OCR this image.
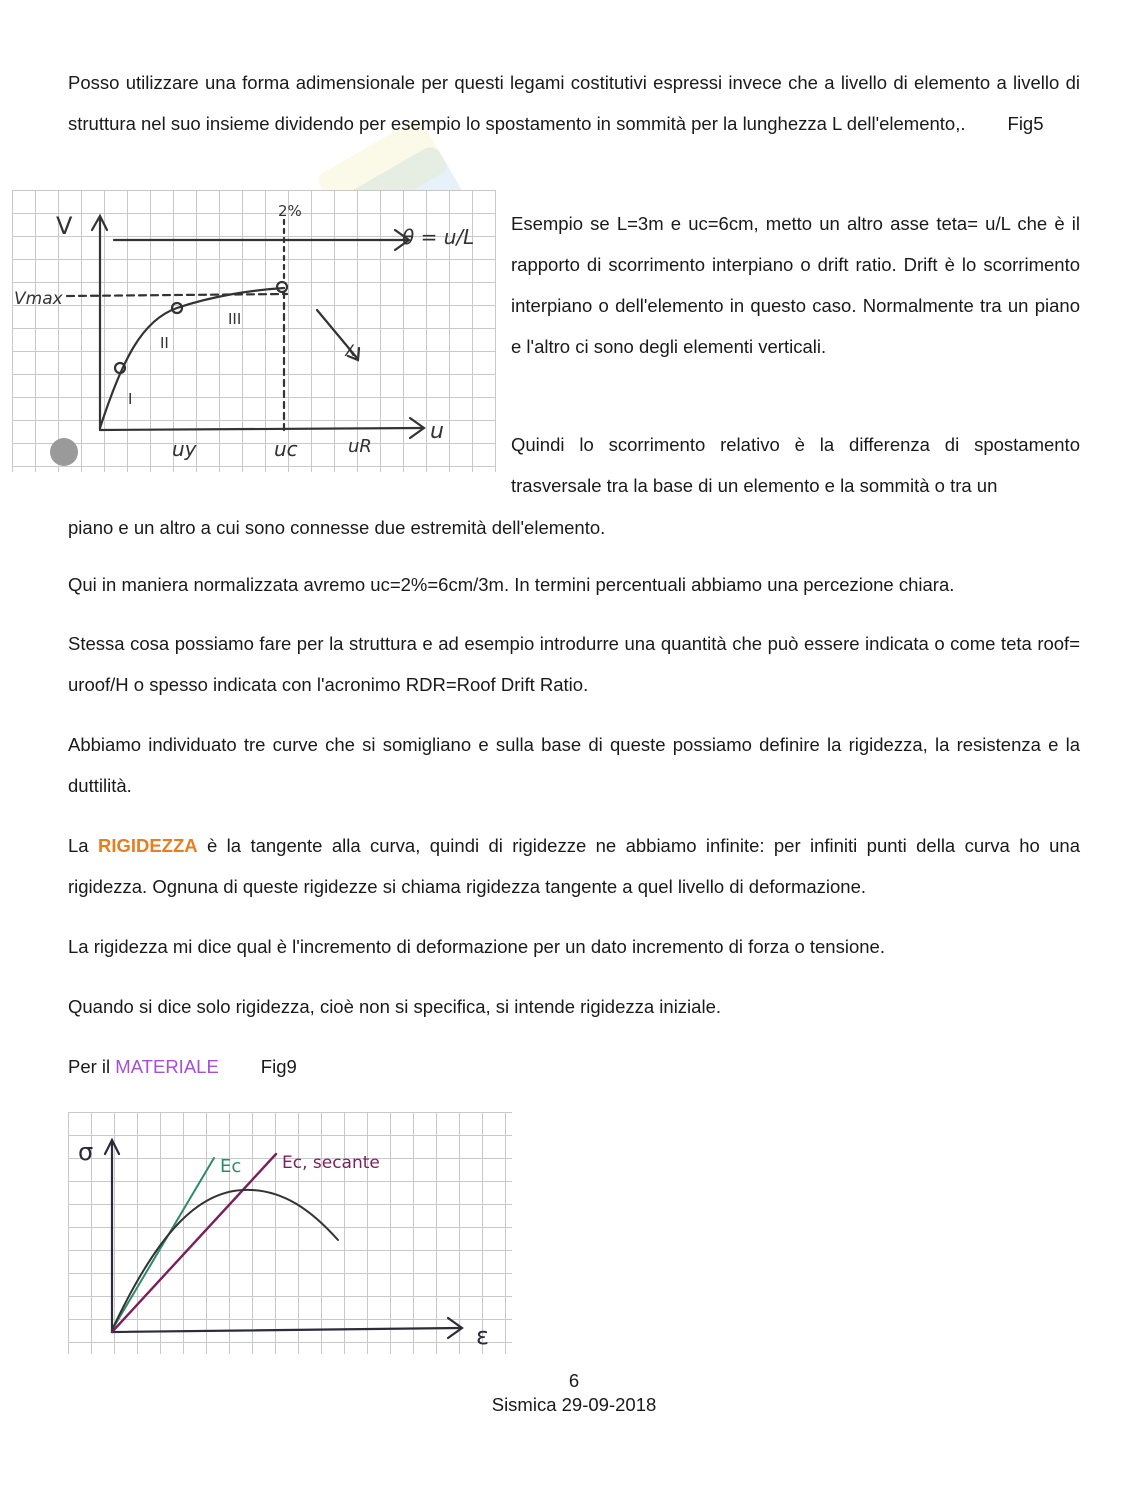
Posso utilizzare una forma adimensionale per questi legami costitutivi espressi invece che a livello di elemento a livello di struttura nel suo insieme dividendo per esempio lo spostamento in sommità per la lunghezza L dell'elemento,. Fig5

V
Vmax
θ = u/L
2%
u
uy	uc	uR
I
II
III
X

Esempio se L=3m e uc=6cm, metto un altro asse teta= u/L che è il rapporto di scorrimento interpiano o drift ratio. Drift è lo scorrimento interpiano o dell'elemento in questo caso. Normalmente tra un piano e l'altro ci sono degli elementi verticali.

Quindi lo scorrimento relativo è la differenza di spostamento trasversale tra la base di un elemento e la sommità o tra un

piano e un altro a cui sono connesse due estremità dell'elemento.

Qui in maniera normalizzata avremo uc=2%=6cm/3m. In termini percentuali abbiamo una percezione chiara.

Stessa cosa possiamo fare per la struttura e ad esempio introdurre una quantità che può essere indicata o come teta roof= uroof/H o spesso indicata con l'acronimo RDR=Roof Drift Ratio.

Abbiamo individuato tre curve che si somigliano e sulla base di queste possiamo definire la rigidezza, la resistenza e la duttilità.

La RIGIDEZZA è la tangente alla curva, quindi di rigidezze ne abbiamo infinite: per infiniti punti della curva ho una rigidezza. Ognuna di queste rigidezze si chiama rigidezza tangente a quel livello di deformazione.

La rigidezza mi dice qual è l'incremento di deformazione per un dato incremento di forza o tensione.

Quando si dice solo rigidezza, cioè non si specifica, si intende rigidezza iniziale.

Per il MATERIALE Fig9

σ
ε
Ec Ec, secante
6
Sismica 29-09-2018
